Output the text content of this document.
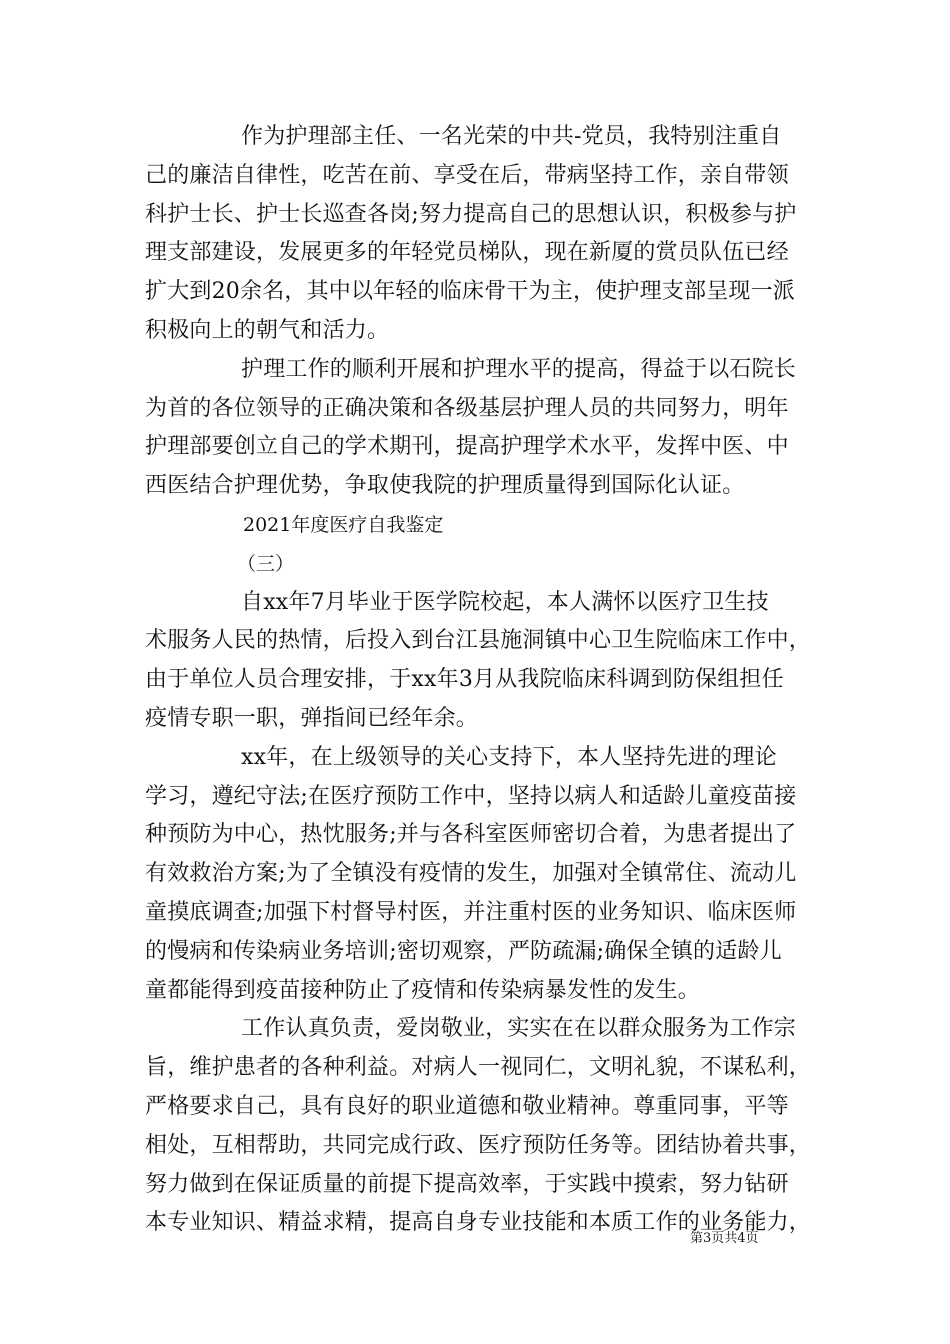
作为护理部主任、一名光荣的中共-党员，我特别注重自
己的廉洁自律性，吃苦在前、享受在后，带病坚持工作，亲自带领
科护士长、护士长巡查各岗;努力提高自己的思想认识，积极参与护
理支部建设，发展更多的年轻党员梯队，现在新厦的赏员队伍已经
扩大到20余名，其中以年轻的临床骨干为主，使护理支部呈现一派
积极向上的朝气和活力。

护理工作的顺利开展和护理水平的提高，得益于以石院长
为首的各位领导的正确决策和各级基层护理人员的共同努力，明年
护理部要创立自己的学术期刊，提高护理学术水平，发挥中医、中
西医结合护理优势，争取使我院的护理质量得到国际化认证。

2021年度医疗自我鉴定

（三）

自xx年7月毕业于医学院校起，本人满怀以医疗卫生技
术服务人民的热情，后投入到台江县施洞镇中心卫生院临床工作中，
由于单位人员合理安排，于xx年3月从我院临床科调到防保组担任
疫情专职一职，弹指间已经年余。

xx年，在上级领导的关心支持下，本人坚持先进的理论
学习，遵纪守法;在医疗预防工作中，坚持以病人和适龄儿童疫苗接
种预防为中心，热忱服务;并与各科室医师密切合着，为患者提出了
有效救治方案;为了全镇没有疫情的发生，加强对全镇常住、流动儿
童摸底调查;加强下村督导村医，并注重村医的业务知识、临床医师
的慢病和传染病业务培训;密切观察，严防疏漏;确保全镇的适龄儿
童都能得到疫苗接种防止了疫情和传染病暴发性的发生。

工作认真负责，爱岗敬业，实实在在以群众服务为工作宗
旨，维护患者的各种利益。对病人一视同仁，文明礼貌，不谋私利，
严格要求自己，具有良好的职业道德和敬业精神。尊重同事，平等
相处，互相帮助，共同完成行政、医疗预防任务等。团结协着共事，
努力做到在保证质量的前提下提高效率，于实践中摸索，努力钻研
本专业知识、精益求精，提高自身专业技能和本质工作的业务能力，

第3页共4页
